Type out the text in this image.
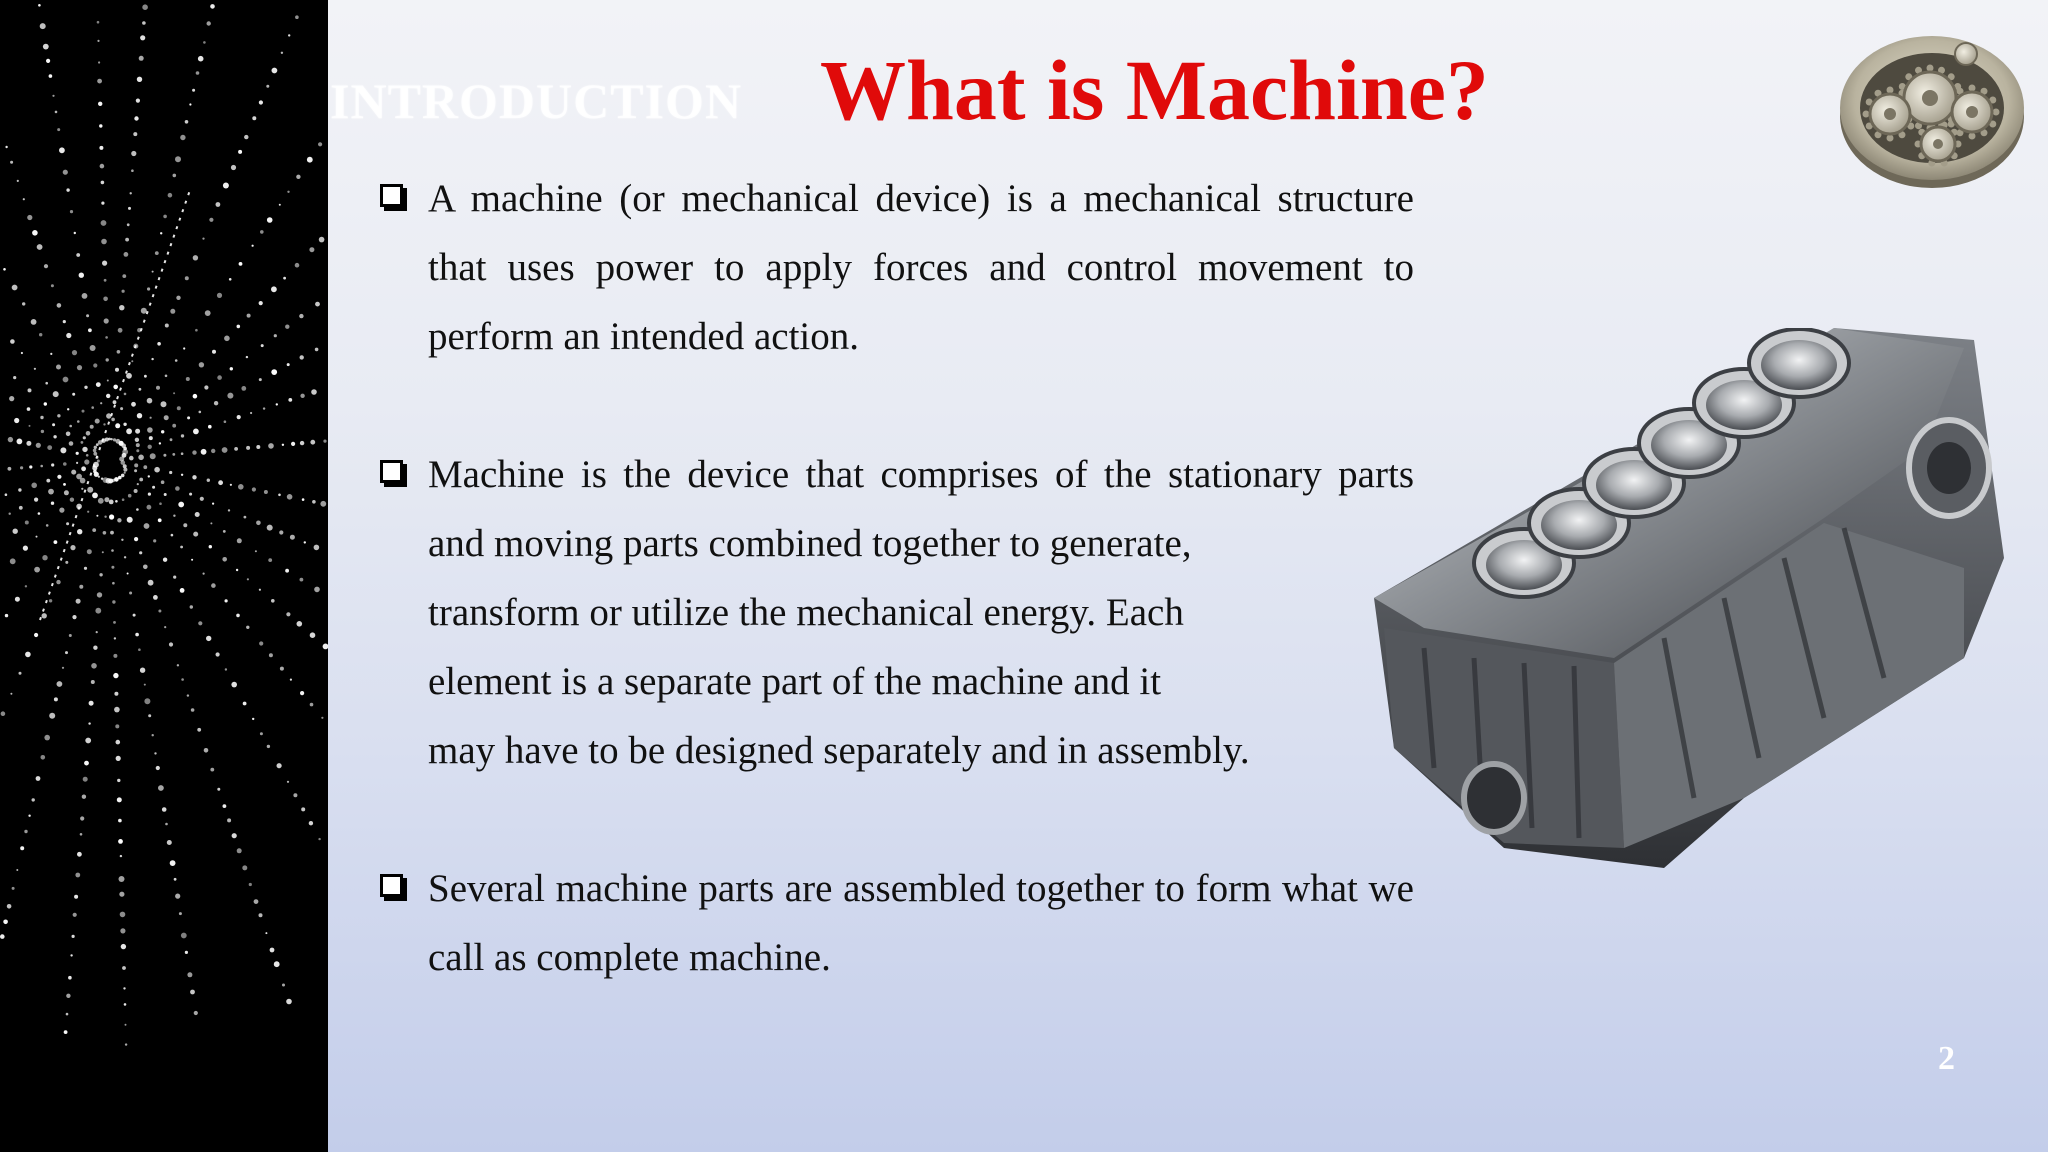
INTRODUCTION What is Machine?
A machine (or mechanical device) is a mechanical structure that uses power to apply forces and control movement to perform an intended action.
Machine is the device that comprises of the stationary parts and moving parts combined together to generate,
transform or utilize the mechanical energy. Each
element is a separate part of the machine and it
may have to be designed separately and in assembly.
Several machine parts are assembled together to form what we call as complete machine.
2
